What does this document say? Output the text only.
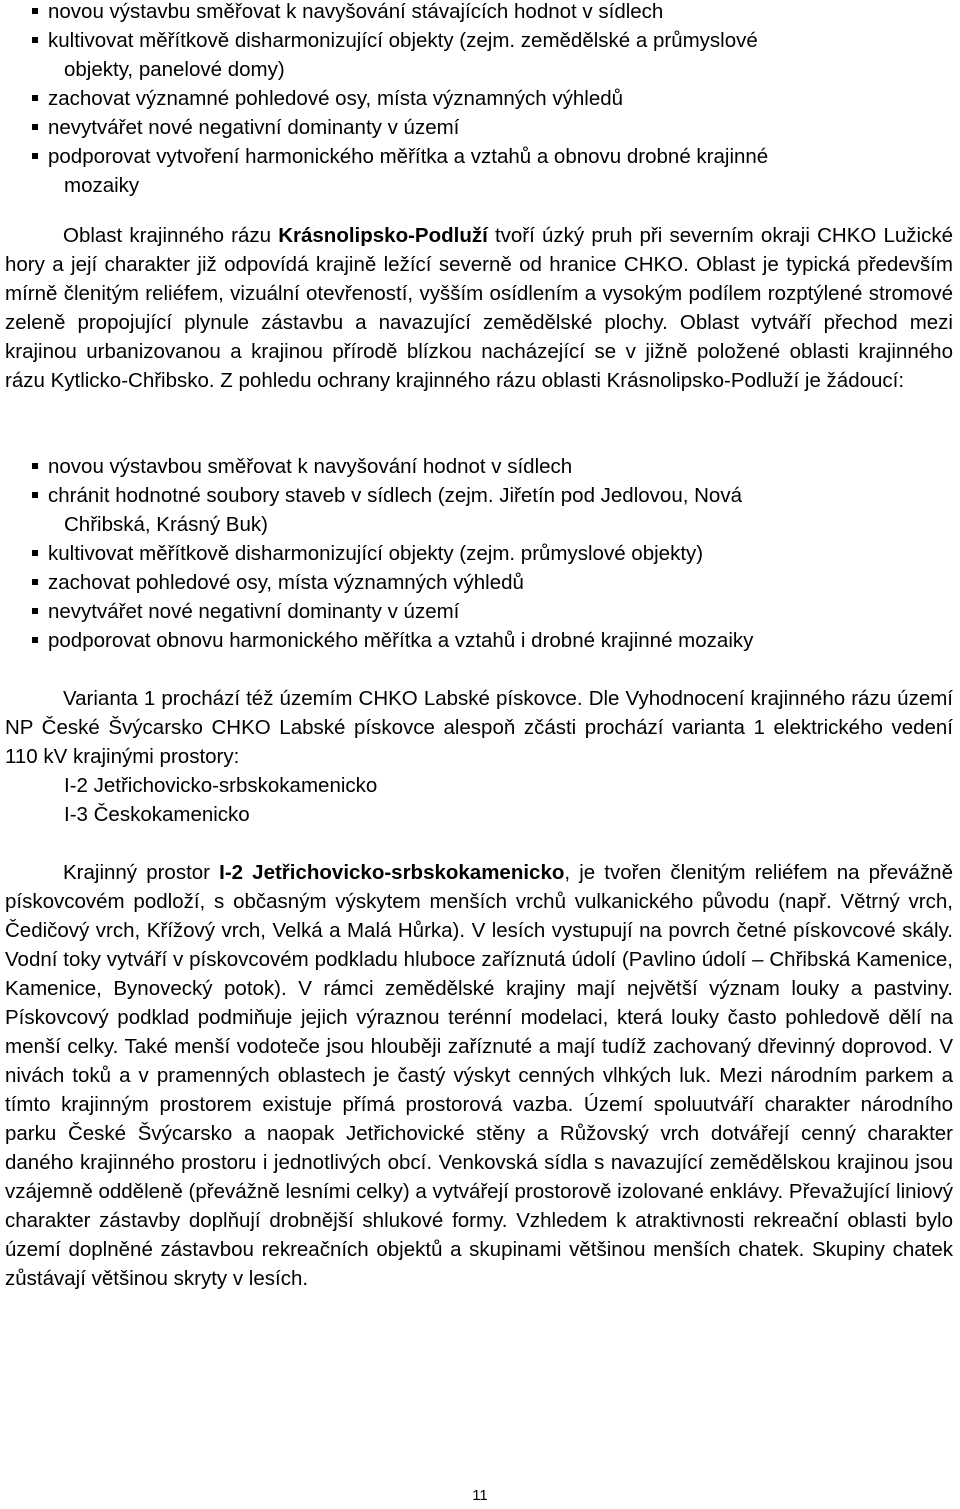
novou výstavbu směřovat k navyšování stávajících hodnot v sídlech
kultivovat měřítkově disharmonizující objekty (zejm. zemědělské a průmyslové
objekty, panelové domy)
zachovat významné pohledové osy, místa významných výhledů
nevytvářet nové negativní dominanty v území
podporovat vytvoření harmonického měřítka a vztahů a obnovu drobné krajinné
mozaiky

Oblast krajinného rázu Krásnolipsko-Podluží tvoří úzký pruh při severním okraji CHKO Lužické hory a její charakter již odpovídá krajině ležící severně od hranice CHKO. Oblast je typická především mírně členitým reliéfem, vizuální otevřeností, vyšším osídlením a vysokým podílem rozptýlené stromové zeleně propojující plynule zástavbu a navazující zemědělské plochy. Oblast vytváří přechod mezi krajinou urbanizovanou a krajinou přírodě blízkou nacházející se v jižně položené oblasti krajinného rázu Kytlicko-Chřibsko. Z pohledu ochrany krajinného rázu oblasti Krásnolipsko-Podluží je žádoucí:

novou výstavbou směřovat k navyšování hodnot v sídlech
chránit hodnotné soubory staveb v sídlech (zejm. Jiřetín pod Jedlovou, Nová
Chřibská, Krásný Buk)
kultivovat měřítkově disharmonizující objekty (zejm. průmyslové objekty)
zachovat pohledové osy, místa významných výhledů
nevytvářet nové negativní dominanty v území
podporovat obnovu harmonického měřítka a vztahů i drobné krajinné mozaiky

Varianta 1 prochází též územím CHKO Labské pískovce. Dle Vyhodnocení krajinného rázu území NP České Švýcarsko CHKO Labské pískovce alespoň zčásti prochází varianta 1 elektrického vedení 110 kV krajinými prostory:

I-2 Jetřichovicko-srbskokamenicko
I-3 Českokamenicko

Krajinný prostor I-2 Jetřichovicko-srbskokamenicko, je tvořen členitým reliéfem na převážně pískovcovém podloží, s občasným výskytem menších vrchů vulkanického původu (např. Větrný vrch, Čedičový vrch, Křížový vrch, Velká a Malá Hůrka). V lesích vystupují na povrch četné pískovcové skály. Vodní toky vytváří v pískovcovém podkladu hluboce zaříznutá údolí (Pavlino údolí – Chřibská Kamenice, Kamenice, Bynovecký potok). V rámci zemědělské krajiny mají největší význam louky a pastviny. Pískovcový podklad podmiňuje jejich výraznou terénní modelaci, která louky často pohledově dělí na menší celky. Také menší vodotečе jsou hlouběji zaříznuté a mají tudíž zachovaný dřevinný doprovod. V nivách toků a v pramenných oblastech je častý výskyt cenných vlhkých luk. Mezi národním parkem a tímto krajinným prostorem existuje přímá prostorová vazba. Území spoluutváří charakter národního parku České Švýcarsko a naopak Jetřichovické stěny a Růžovský vrch dotvářejí cenný charakter daného krajinného prostoru i jednotlivých obcí. Venkovská sídla s navazující zemědělskou krajinou jsou vzájemně odděleně (převážně lesními celky) a vytvářejí prostorově izolované enklávy. Převažující liniový charakter zástavby doplňují drobnější shlukové formy. Vzhledem k atraktivnosti rekreační oblasti bylo území doplněné zástavbou rekreačních objektů a skupinami většinou menších chatek. Skupiny chatek zůstávají většinou skryty v lesích.

11
